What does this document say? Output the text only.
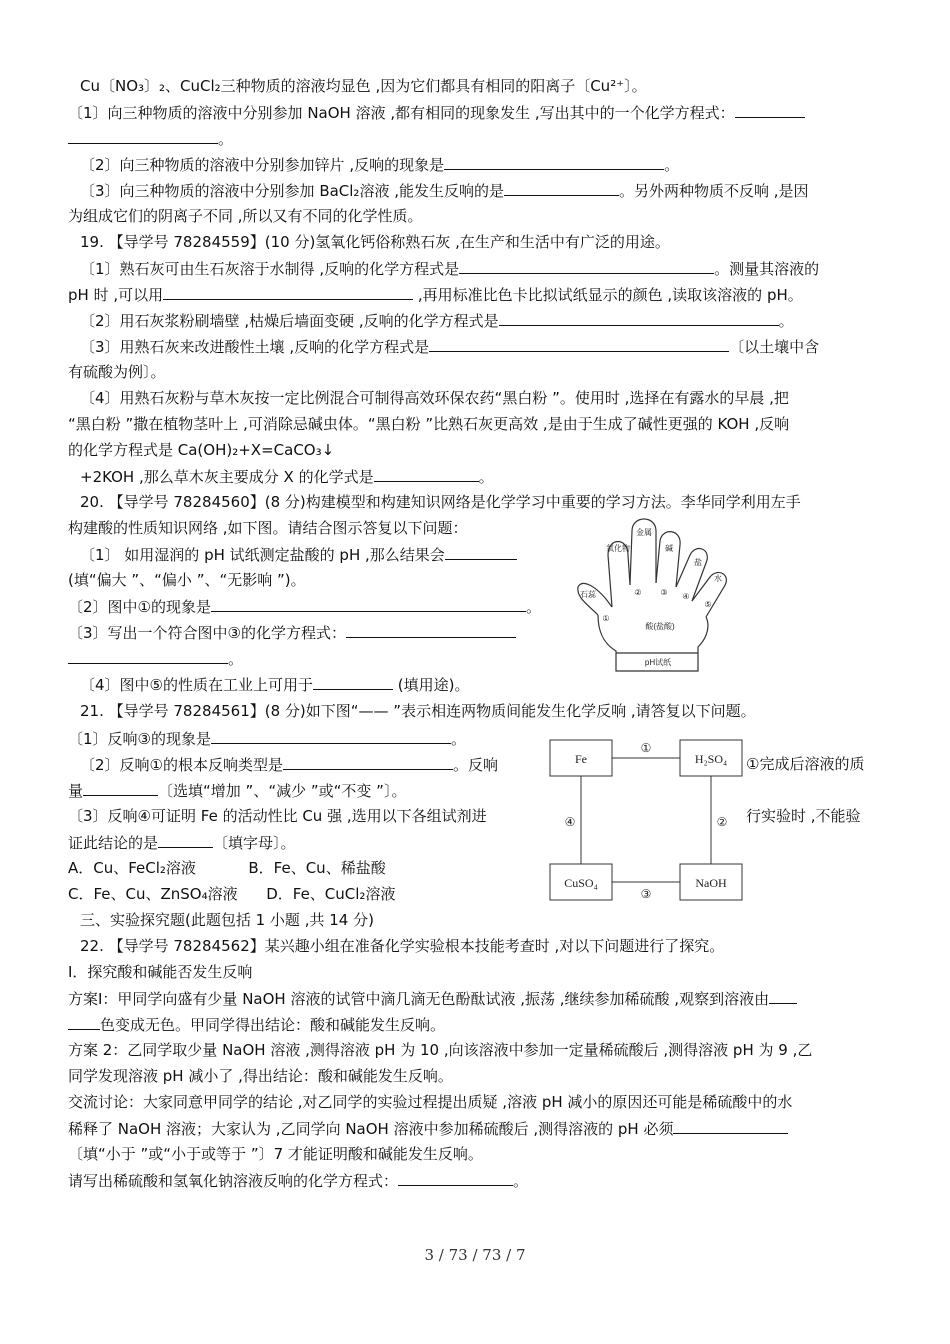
Cu〔NO₃〕₂、CuCl₂三种物质的溶液均显色 ,因为它们都具有相同的阳离子〔Cu²⁺〕。
〔1〕向三种物质的溶液中分别参加 NaOH 溶液 ,都有相同的现象发生 ,写出其中的一个化学方程式：
。
〔2〕向三种物质的溶液中分别参加锌片 ,反响的现象是	。
〔3〕向三种物质的溶液中分别参加 BaCl₂溶液 ,能发生反响的是	。另外两种物质不反响 ,是因
为组成它们的阴离子不同 ,所以又有不同的化学性质。
19. 【导学号 78284559】(10 分)氢氧化钙俗称熟石灰 ,在生产和生活中有广泛的用途。
〔1〕熟石灰可由生石灰溶于水制得 ,反响的化学方程式是	。测量其溶液的
pH 时 ,可以用	,再用标准比色卡比拟试纸显示的颜色 ,读取该溶液的 pH。
〔2〕用石灰浆粉刷墙壁 ,枯燥后墙面变硬 ,反响的化学方程式是	。
〔3〕用熟石灰来改进酸性土壤 ,反响的化学方程式是	〔以土壤中含
有硫酸为例〕。
〔4〕用熟石灰粉与草木灰按一定比例混合可制得高效环保农药“黑白粉 ”。使用时 ,选择在有露水的早晨 ,把
“黑白粉 ”撒在植物茎叶上 ,可消除忌碱虫体。“黑白粉 ”比熟石灰更高效 ,是由于生成了碱性更强的 KOH ,反响
的化学方程式是 Ca(OH)₂+X=CaCO₃↓
+2KOH ,那么草木灰主要成分 X 的化学式是	。
20. 【导学号 78284560】(8 分)构建模型和构建知识网络是化学学习中重要的学习方法。李华同学利用左手
构建酸的性质知识网络 ,如下图。请结合图示答复以下问题：
〔1〕 如用湿润的 pH 试纸测定盐酸的 pH ,那么结果会
(填“偏大 ”、“偏小 ”、“无影响 ”)。
〔2〕图中①的现象是	。
〔3〕写出一个符合图中③的化学方程式：
。
〔4〕图中⑤的性质在工业上可用于	(填用途)。
21. 【导学号 78284561】(8 分)如下图“—— ”表示相连两物质间能发生化学反响 ,请答复以下问题。
〔1〕反响③的现象是	。
〔2〕反响①的根本反响类型是	。反响
量	〔选填“增加 ”、“减少 ”或“不变 ”〕。
〔3〕反响④可证明 Fe 的活动性比 Cu 强 ,选用以下各组试剂进
证此结论的是	〔填字母〕。
A．Cu、FeCl₂溶液           B．Fe、Cu、稀盐酸
C．Fe、Cu、ZnSO₄溶液      D．Fe、CuCl₂溶液
三、实验探究题(此题包括 1 小题 ,共 14 分)
22. 【导学号 78284562】某兴趣小组在准备化学实验根本技能考查时 ,对以下问题进行了探究。
Ⅰ．探究酸和碱能否发生反响
方案Ⅰ：甲同学向盛有少量 NaOH 溶液的试管中滴几滴无色酚酞试液 ,振荡 ,继续参加稀硫酸 ,观察到溶液由
色变成无色。甲同学得出结论：酸和碱能发生反响。
方案 2：乙同学取少量 NaOH 溶液 ,测得溶液 pH 为 10 ,向该溶液中参加一定量稀硫酸后 ,测得溶液 pH 为 9 ,乙
同学发现溶液 pH 减小了 ,得出结论：酸和碱能发生反响。
交流讨论：大家同意甲同学的结论 ,对乙同学的实验过程提出质疑 ,溶液 pH 减小的原因还可能是稀硫酸中的水
稀释了 NaOH 溶液；大家认为 ,乙同学向 NaOH 溶液中参加稀硫酸后 ,测得溶液的 pH 必须
〔填“小于 ”或“小于或等于 ”〕7 才能证明酸和碱能发生反响。
请写出稀硫酸和氢氧化钠溶液反响的化学方程式：	。
①完成后溶液的质
行实验时 ,不能验
氧化物
金属
碱
盐
水
石蕊
①
② ③ ④
⑤
酸(盐酸)
pH试纸
Fe	H₂SO₄
CuSO₄	NaOH
①
②
③
④
3 / 73 / 73 / 7
